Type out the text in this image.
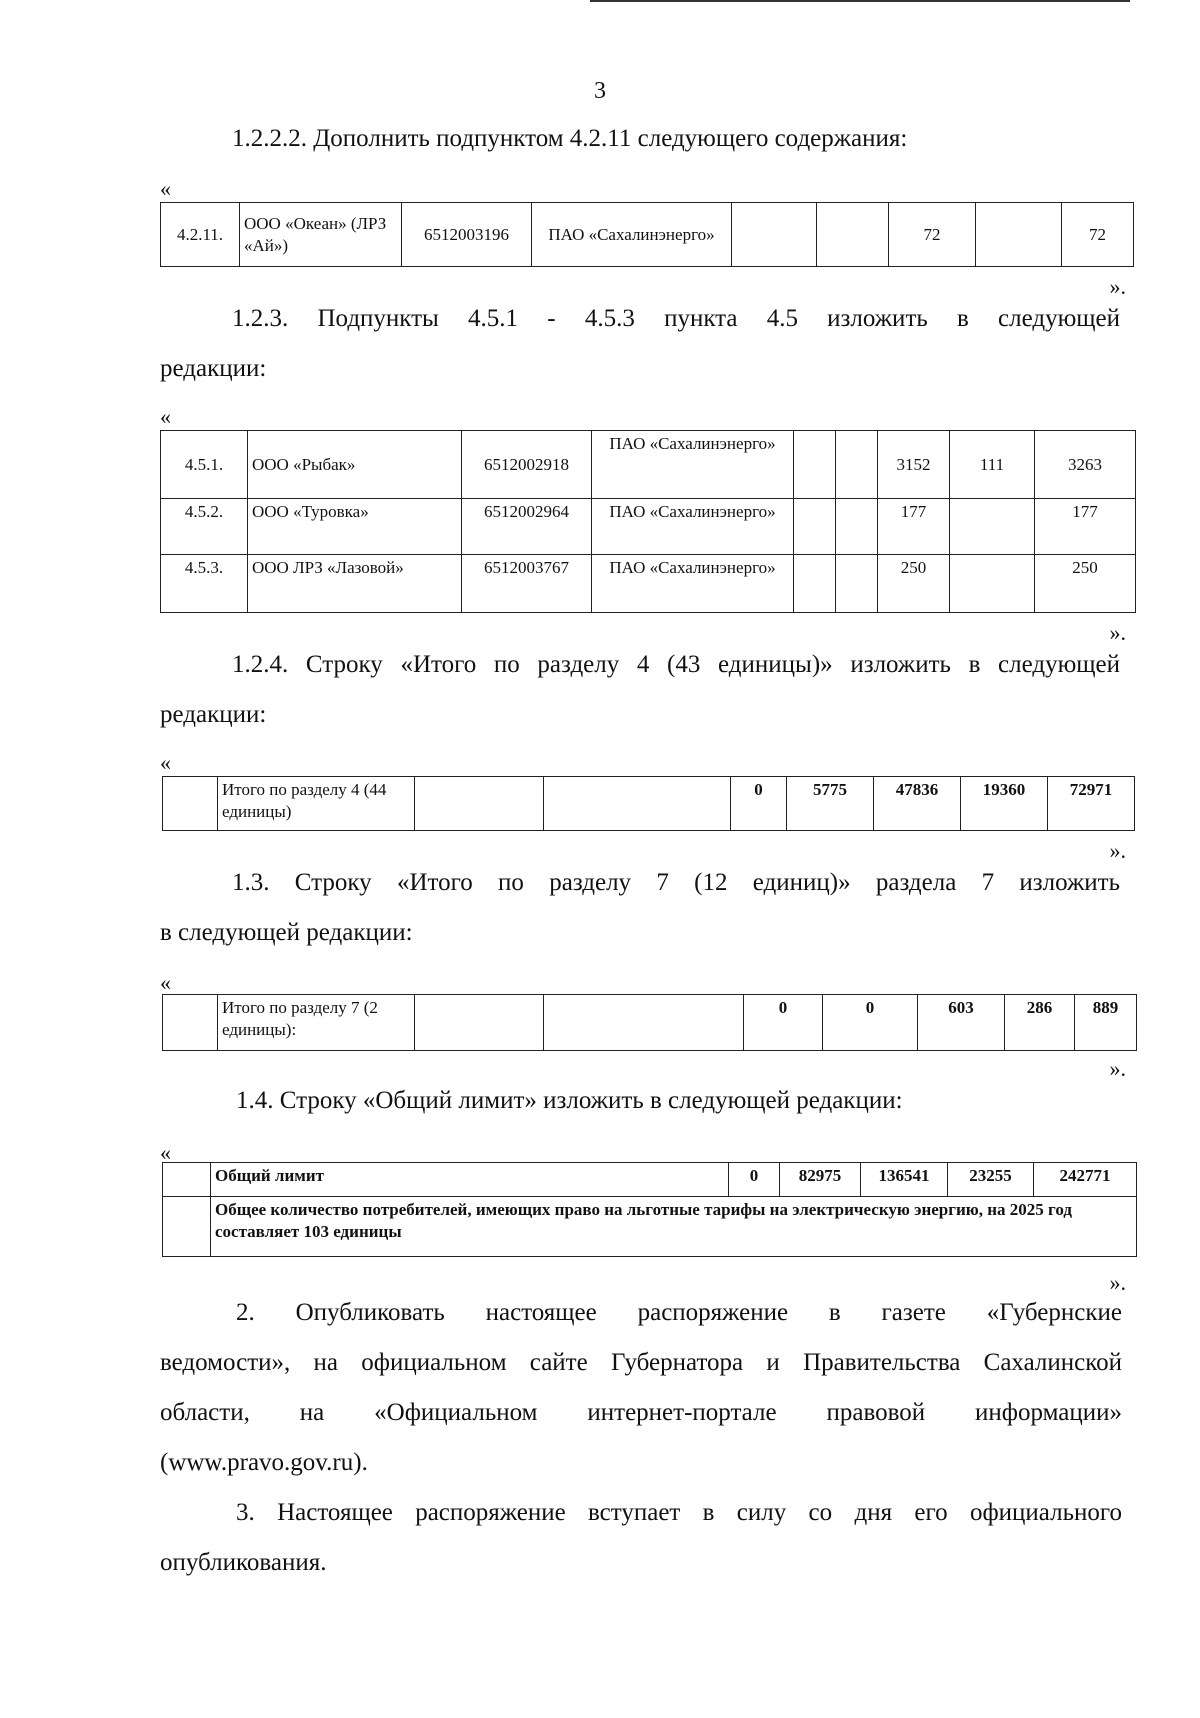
3
1.2.2.2. Дополнить подпунктом 4.2.11 следующего содержания:
«
4.2.11.	ООО «Океан» (ЛРЗ «Ай»)	6512003196	ПАО «Сахалинэнерго»			72		72
».
1.2.3. Подпункты 4.5.1 - 4.5.3 пункта 4.5 изложить в следующей
редакции:
«
4.5.1.	ООО «Рыбак»	6512002918	ПАО «Сахалинэнерго»			3152	111	3263
4.5.2.	ООО «Туровка»	6512002964	ПАО «Сахалинэнерго»			177		177
4.5.3.	ООО ЛРЗ «Лазовой»	6512003767	ПАО «Сахалинэнерго»			250		250
».
1.2.4. Строку «Итого по разделу 4 (43 единицы)» изложить в следующей
редакции:
«
	Итого по разделу 4 (44 единицы)			0	5775	47836	19360	72971
».
1.3. Строку «Итого по разделу 7 (12 единиц)» раздела 7 изложить
в следующей редакции:
«
	Итого по разделу 7 (2 единицы):			0	0	603	286	889
».
1.4. Строку «Общий лимит» изложить в следующей редакции:
«
	Общий лимит	0	82975	136541	23255	242771
	Общее количество потребителей, имеющих право на льготные тарифы на электрическую энергию, на 2025 год составляет 103 единицы					
».
2. Опубликовать настоящее распоряжение в газете «Губернские
ведомости», на официальном сайте Губернатора и Правительства Сахалинской
области, на «Официальном интернет-портале правовой информации»
(www.pravo.gov.ru).
3. Настоящее распоряжение вступает в силу со дня его официального
опубликования.
